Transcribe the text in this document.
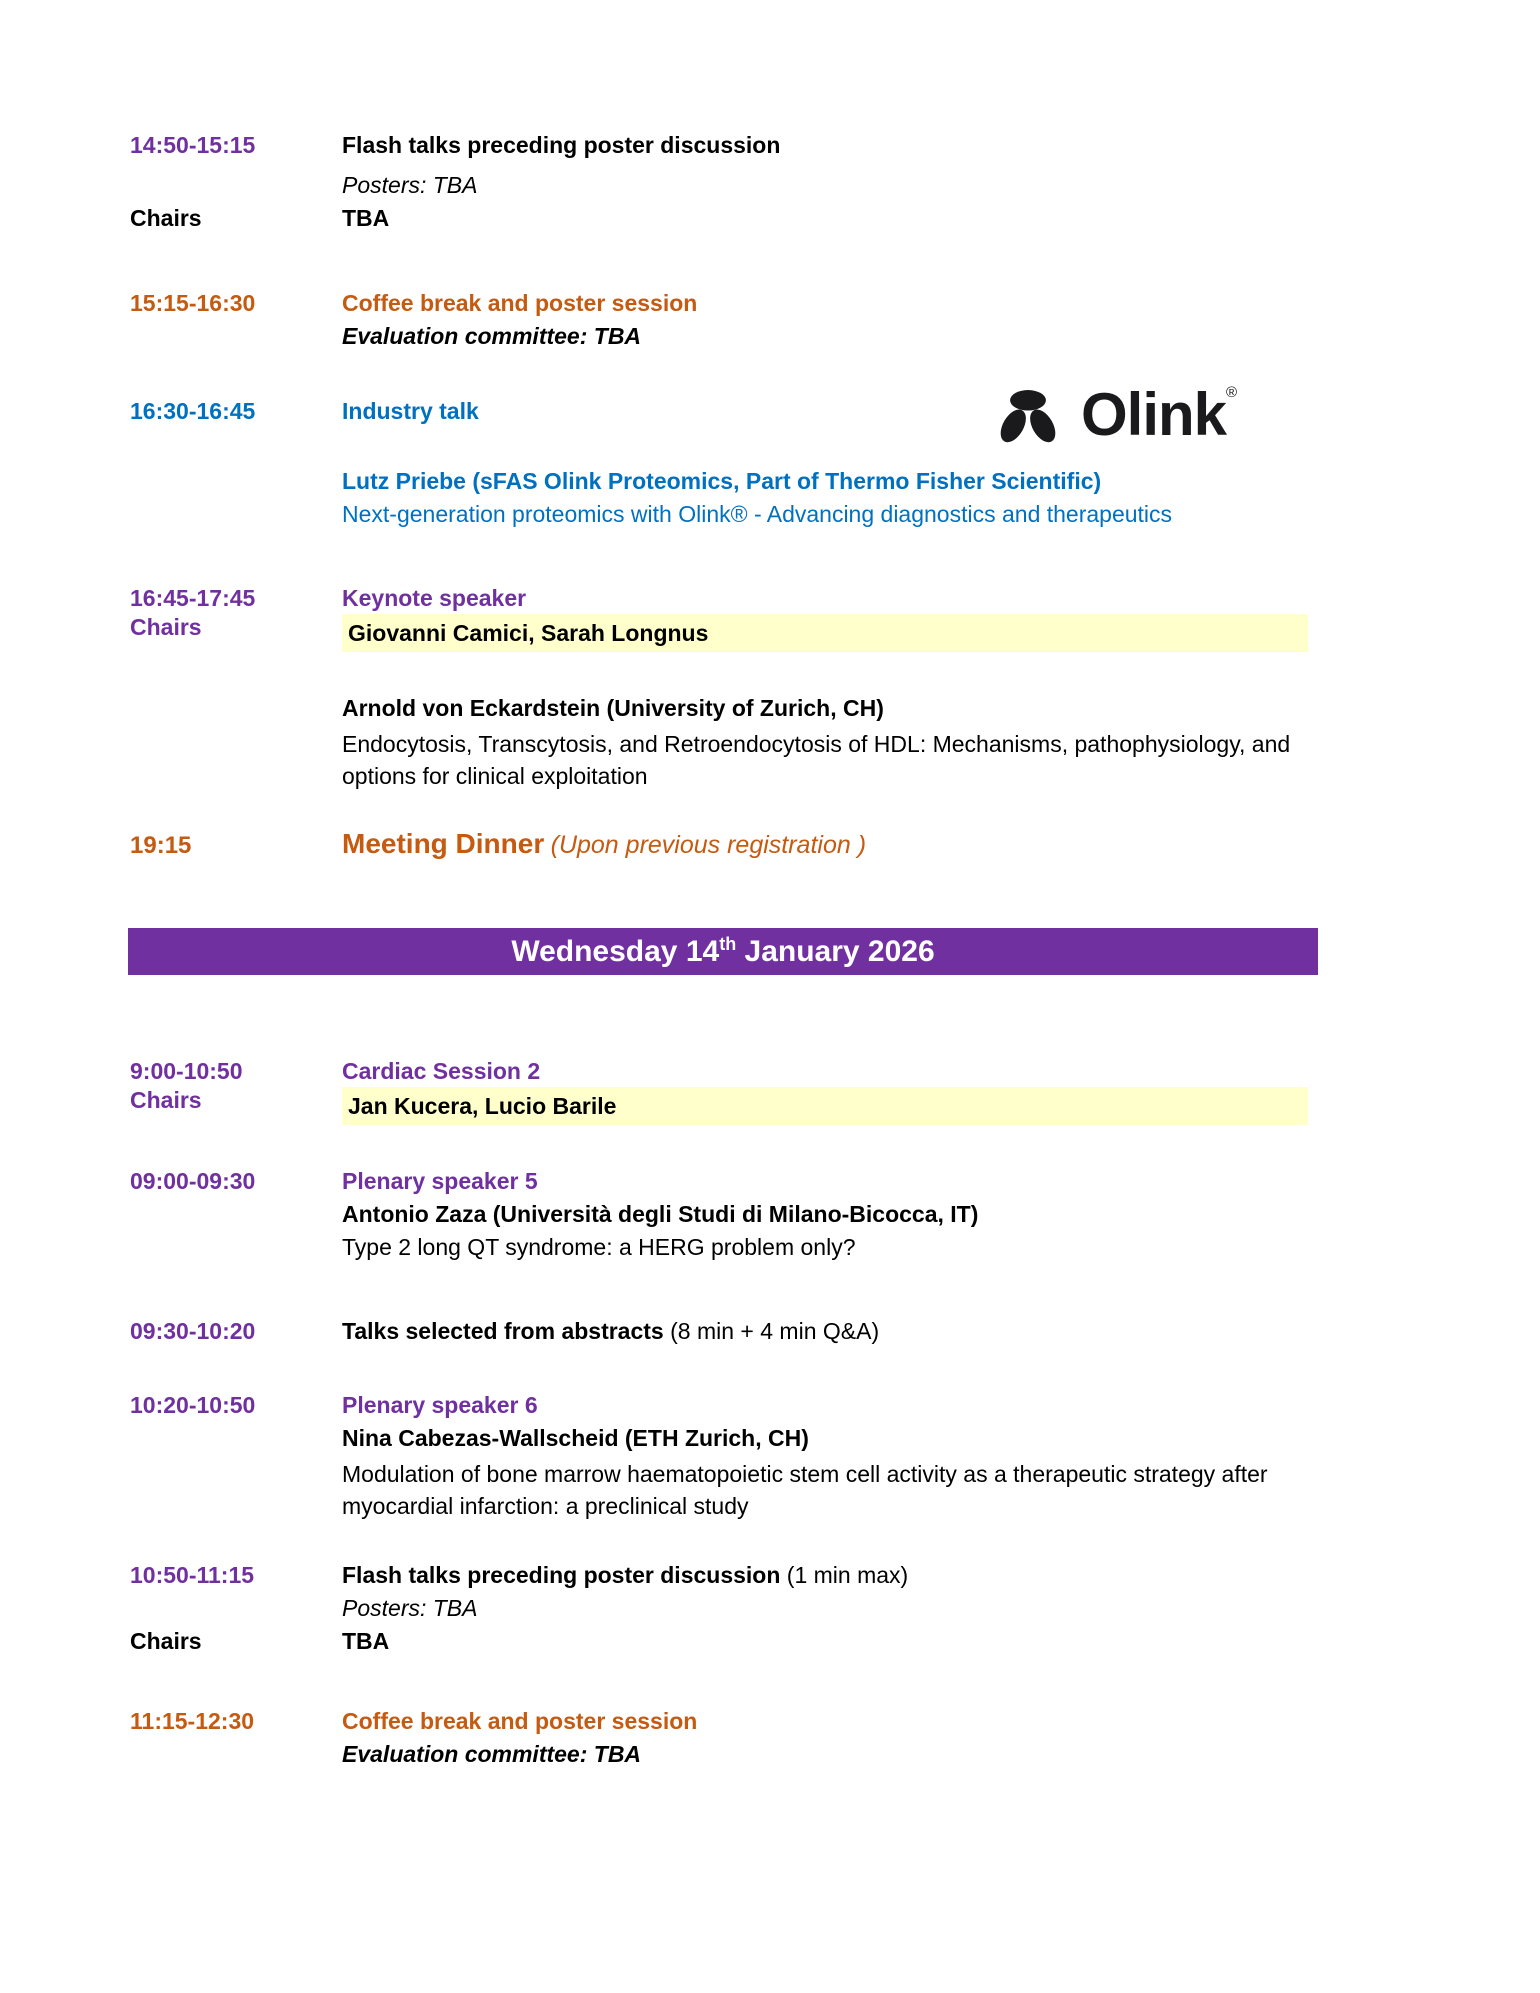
14:50-15:15	Flash talks preceding poster discussion
Posters: TBA
Chairs	TBA
15:15-16:30	Coffee break and poster session
Evaluation committee: TBA
16:30-16:45	Industry talk	Olink®
Lutz Priebe (sFAS Olink Proteomics, Part of Thermo Fisher Scientific)
Next-generation proteomics with Olink® - Advancing diagnostics and therapeutics
16:45-17:45	Keynote speaker
Chairs	Giovanni Camici, Sarah Longnus
Arnold von Eckardstein (University of Zurich, CH)
Endocytosis, Transcytosis, and Retroendocytosis of HDL: Mechanisms, pathophysiology, and options for clinical exploitation
19:15	Meeting Dinner (Upon previous registration )
Wednesday 14th January 2026
9:00-10:50	Cardiac Session 2
Chairs	Jan Kucera, Lucio Barile
09:00-09:30	Plenary speaker 5
Antonio Zaza (Università degli Studi di Milano-Bicocca, IT)
Type 2 long QT syndrome: a HERG problem only?
09:30-10:20	Talks selected from abstracts (8 min + 4 min Q&A)
10:20-10:50	Plenary speaker 6
Nina Cabezas-Wallscheid (ETH Zurich, CH)
Modulation of bone marrow haematopoietic stem cell activity as a therapeutic strategy after myocardial infarction: a preclinical study
10:50-11:15	Flash talks preceding poster discussion (1 min max)
Posters: TBA
Chairs	TBA
11:15-12:30	Coffee break and poster session
Evaluation committee: TBA
